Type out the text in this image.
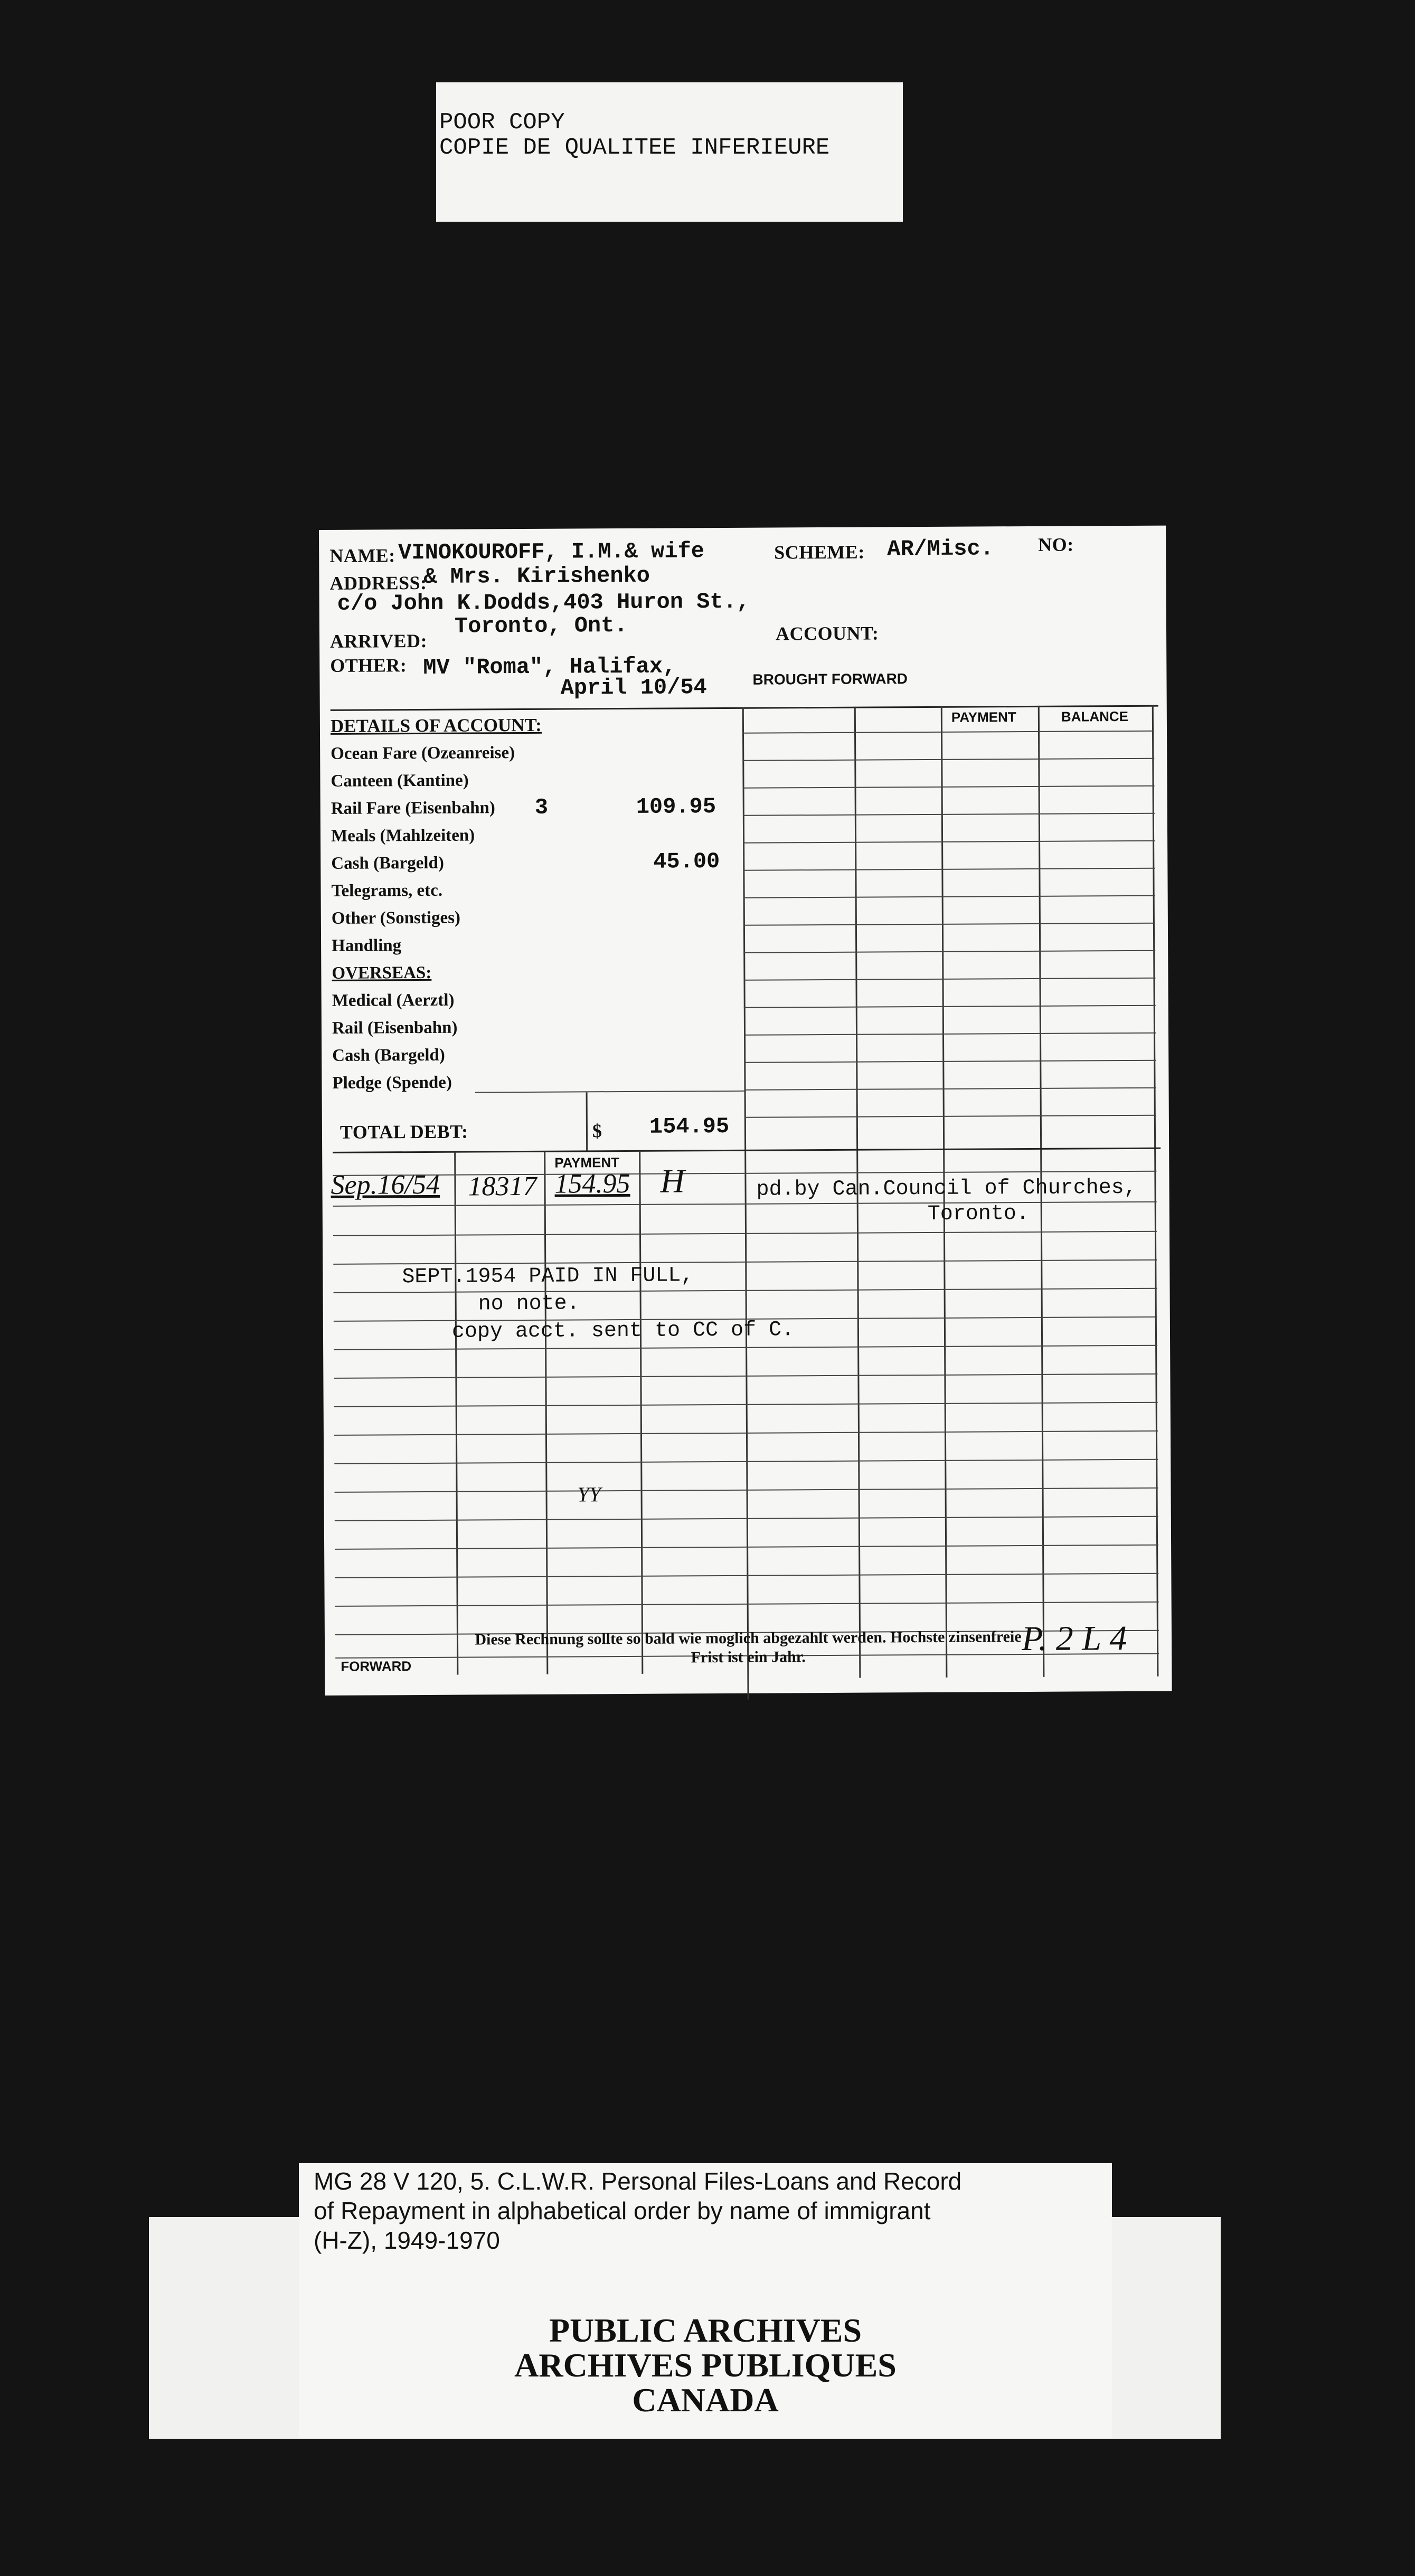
POOR COPY
COPIE DE QUALITEE INFERIEURE
NAME: VINOKOUROFF, I.M.& wife	SCHEME: AR/Misc. NO:
ADDRESS:
& Mrs. Kirishenko
c/o John K.Dodds,403 Huron St.,
Toronto, Ont.
ARRIVED:	ACCOUNT:
OTHER: MV "Roma", Halifax,
April 10/54	BROUGHT FORWARD
PAYMENT	BALANCE
DETAILS OF ACCOUNT:
Ocean Fare (Ozeanreise)
Canteen (Kantine)
Rail Fare (Eisenbahn) 3	109.95
Meals (Mahlzeiten)
Cash (Bargeld)	45.00
Telegrams, etc.
Other (Sonstiges)
Handling
OVERSEAS:
Medical (Aerztl)
Rail (Eisenbahn)
Cash (Bargeld)
Pledge (Spende)
TOTAL DEBT:	$ 154.95
PAYMENT
Sep.16/54 18317 154.95 H	pd.by Can.Council of Churches,
Toronto.
SEPT.1954 PAID IN FULL,
no note.
copy acct. sent to CC of C.
YY
FORWARD
P. 2 L 4
Diese Rechnung sollte so bald wie moglich abgezahlt werden. Hochste zinsenfreie
Frist ist ein Jahr.
MG 28 V 120, 5. C.L.W.R. Personal Files-Loans and Record
of Repayment in alphabetical order by name of immigrant
(H-Z), 1949-1970
PUBLIC ARCHIVES
ARCHIVES PUBLIQUES
CANADA
